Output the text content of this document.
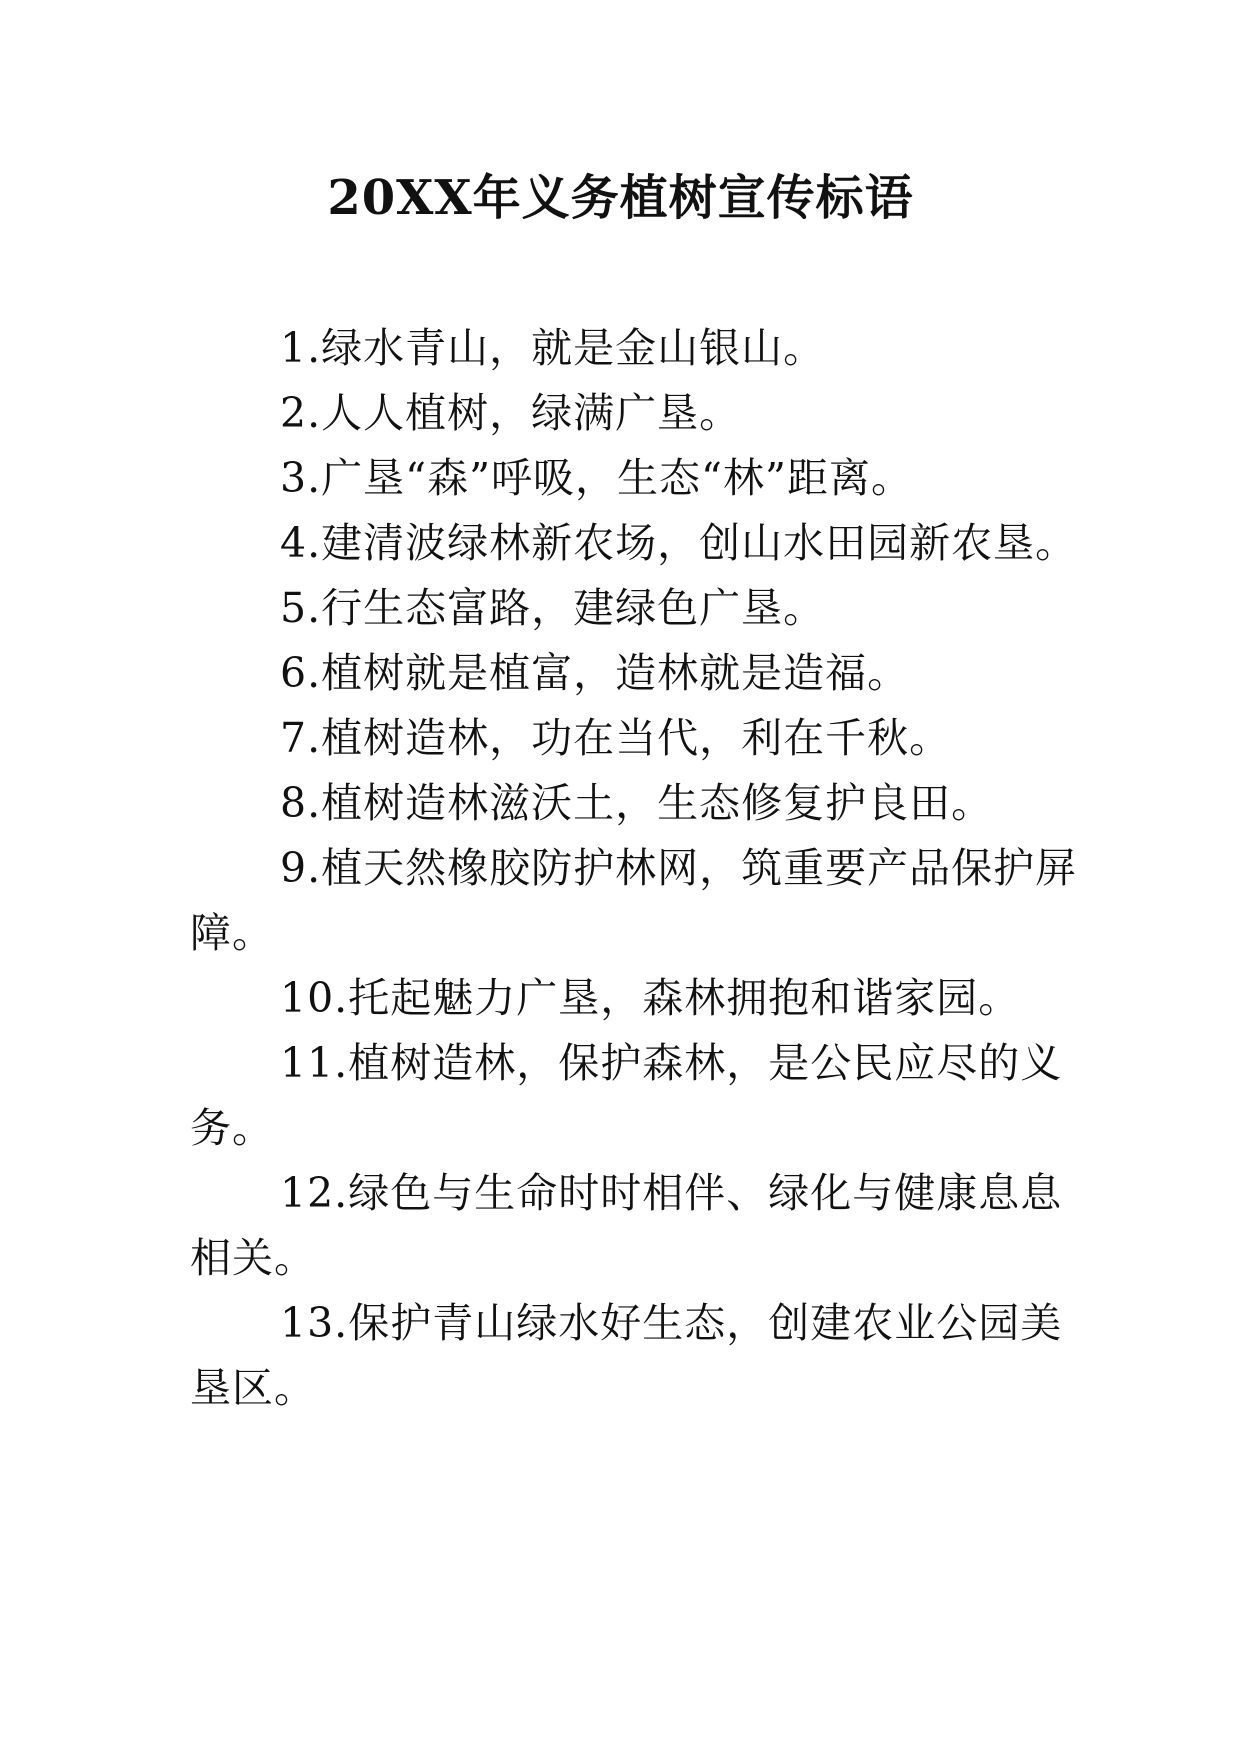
20XX年义务植树宣传标语

1.绿水青山，就是金山银山。

2.人人植树，绿满广垦。

3.广垦“森”呼吸，生态“林”距离。

4.建清波绿林新农场，创山水田园新农垦。

5.行生态富路，建绿色广垦。

6.植树就是植富，造林就是造福。

7.植树造林，功在当代，利在千秋。

8.植树造林滋沃土，生态修复护良田。

9.植天然橡胶防护林网，筑重要产品保护屏障。

10.托起魅力广垦，森林拥抱和谐家园。

11.植树造林，保护森林，是公民应尽的义务。

12.绿色与生命时时相伴、绿化与健康息息相关。

13.保护青山绿水好生态，创建农业公园美垦区。
